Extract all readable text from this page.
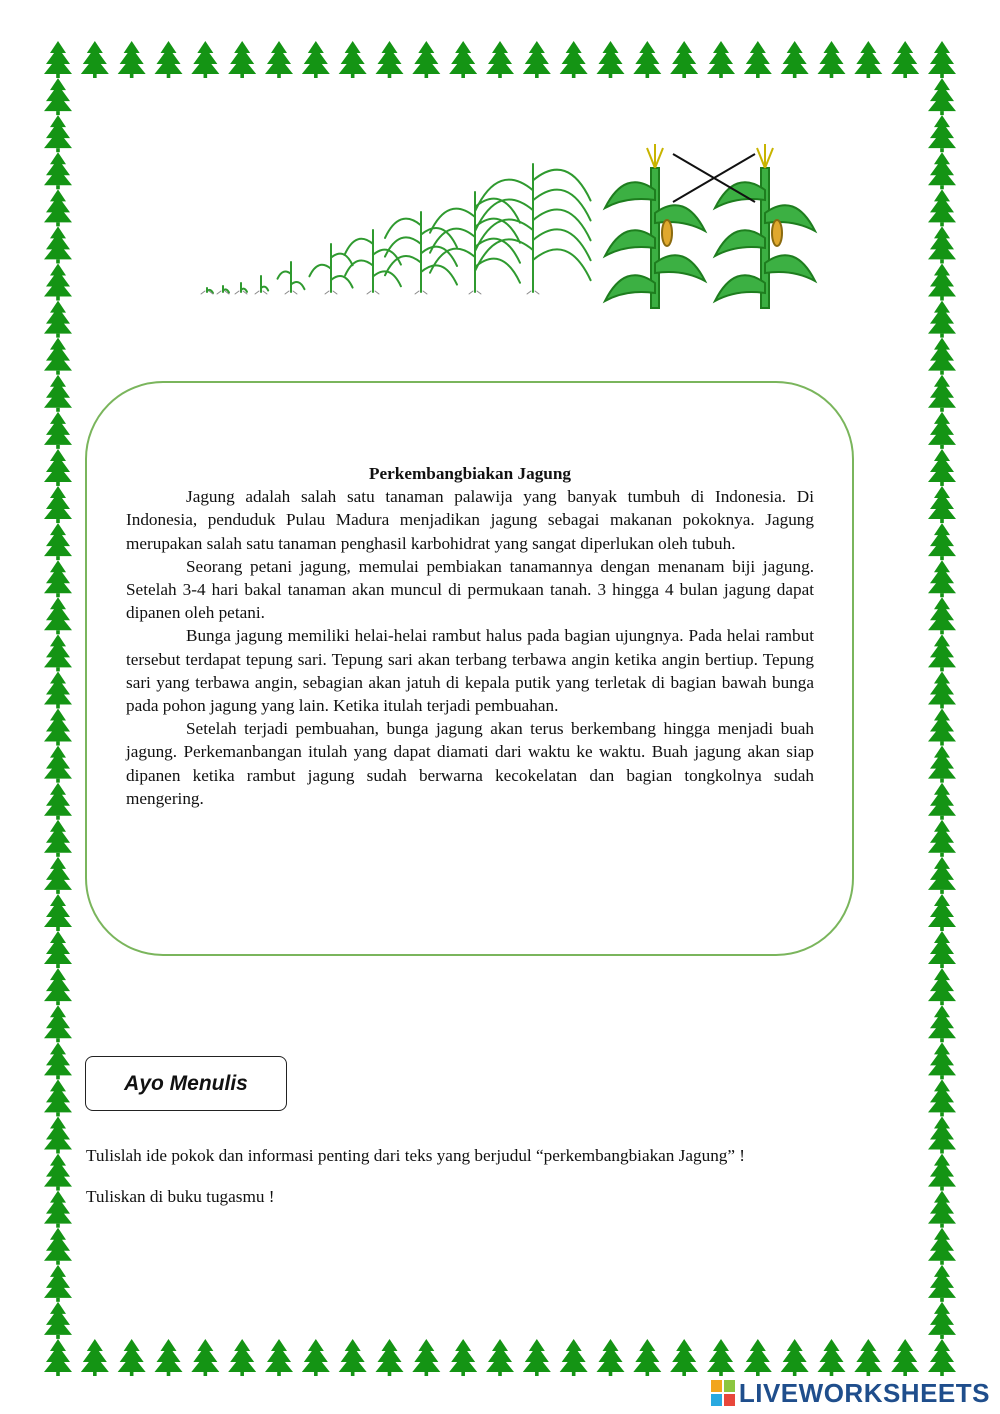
Perkembangbiakan Jagung

Jagung adalah salah satu tanaman palawija yang banyak tumbuh di Indonesia. Di Indonesia, penduduk Pulau Madura menjadikan jagung sebagai makanan pokoknya. Jagung merupakan salah satu tanaman penghasil karbohidrat yang sangat diperlukan oleh tubuh.

Seorang petani jagung, memulai pembiakan tanamannya dengan menanam biji jagung. Setelah 3-4 hari bakal tanaman akan muncul di permukaan tanah. 3 hingga 4 bulan jagung dapat dipanen oleh petani.

Bunga jagung memiliki helai-helai rambut halus pada bagian ujungnya. Pada helai rambut tersebut terdapat tepung sari. Tepung sari akan terbang terbawa angin ketika angin bertiup. Tepung sari yang terbawa angin, sebagian akan jatuh di kepala putik yang terletak di bagian bawah bunga pada pohon jagung yang lain. Ketika itulah terjadi pembuahan.

Setelah terjadi pembuahan, bunga jagung akan terus berkembang hingga menjadi buah jagung. Perkemanbangan itulah yang dapat diamati dari waktu ke waktu. Buah jagung akan siap dipanen ketika rambut jagung sudah berwarna kecokelatan dan bagian tongkolnya sudah mengering.

Ayo Menulis
Tulislah ide pokok dan informasi penting dari teks yang berjudul “perkembangbiakan Jagung” !
Tuliskan di buku tugasmu !
LIVEWORKSHEETS
